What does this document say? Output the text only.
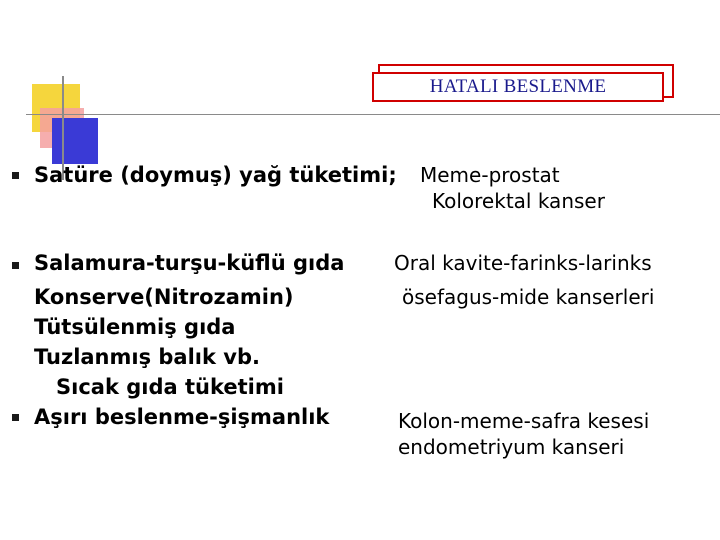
HATALI BESLENME
Satüre (doymuş) yağ tüketimi; Meme-prostat
Kolorektal kanser
Salamura-turşu-küflü gıda
Konserve(Nitrozamin)
Tütsülenmiş gıda
Tuzlanmış balık vb.
Sıcak gıda tüketimi
Oral kavite-farinks-larinks
ösefagus-mide kanserleri
Aşırı beslenme-şişmanlık	Kolon-meme-safra kesesi
endometriyum kanseri
